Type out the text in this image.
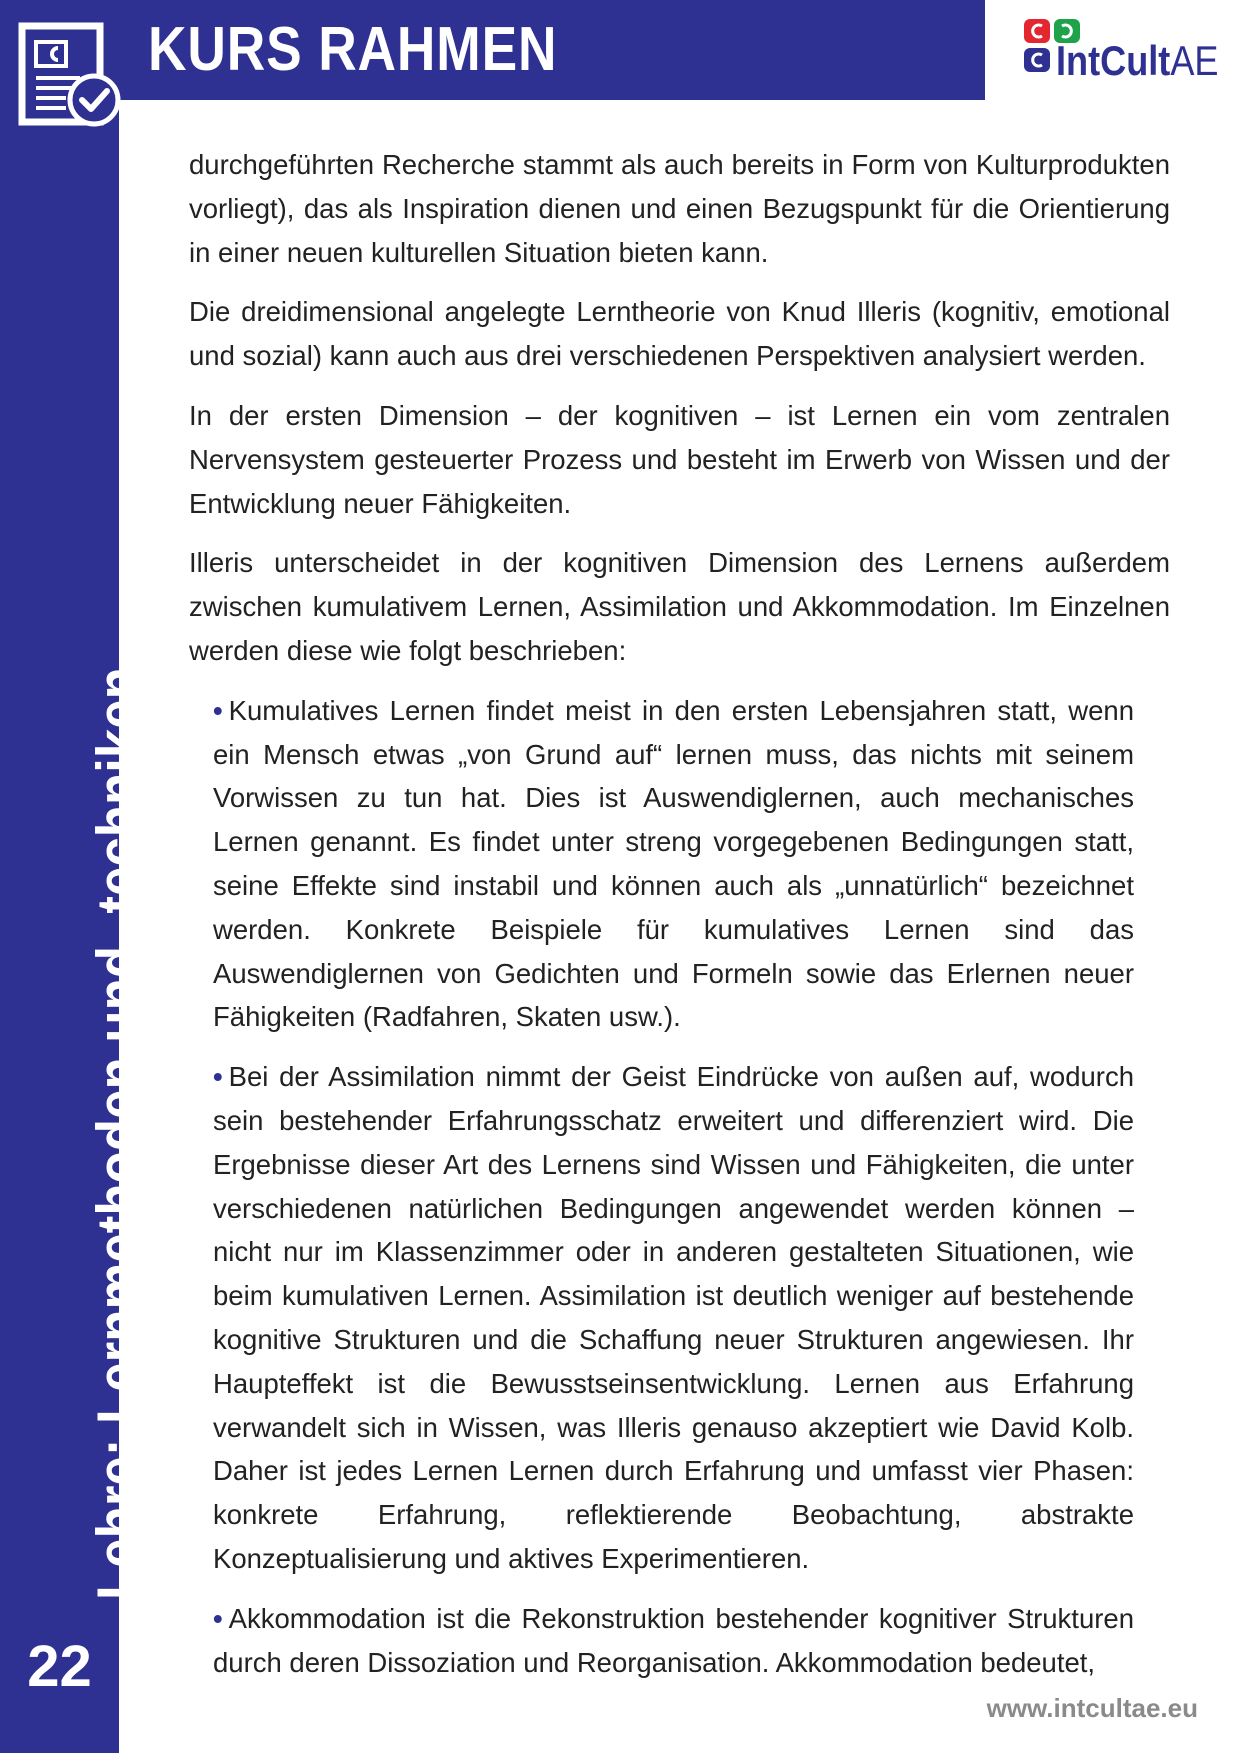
KURS RAHMEN	IntCultAE
Lehre: Lernmethoden und -techniken
22

durchgeführten Recherche stammt als auch bereits in Form von Kulturprodukten vorliegt), das als Inspiration dienen und einen Bezugspunkt für die Orientierung in einer neuen kulturellen Situation bieten kann.

Die dreidimensional angelegte Lerntheorie von Knud Illeris (kognitiv, emotional und sozial) kann auch aus drei verschiedenen Perspektiven analysiert werden.

In der ersten Dimension – der kognitiven – ist Lernen ein vom zentralen Nervensystem gesteuerter Prozess und besteht im Erwerb von Wissen und der Entwicklung neuer Fähigkeiten.

Illeris unterscheidet in der kognitiven Dimension des Lernens außerdem zwischen kumulativem Lernen, Assimilation und Akkommodation. Im Einzelnen werden diese wie folgt beschrieben:

• Kumulatives Lernen findet meist in den ersten Lebensjahren statt, wenn ein Mensch etwas „von Grund auf“ lernen muss, das nichts mit seinem Vorwissen zu tun hat. Dies ist Auswendiglernen, auch mechanisches Lernen genannt. Es findet unter streng vorgegebenen Bedingungen statt, seine Effekte sind instabil und können auch als „unnatürlich“ bezeichnet werden. Konkrete Beispiele für kumulatives Lernen sind das Auswendiglernen von Gedichten und Formeln sowie das Erlernen neuer Fähigkeiten (Radfahren, Skaten usw.).
• Bei der Assimilation nimmt der Geist Eindrücke von außen auf, wodurch sein bestehender Erfahrungsschatz erweitert und differenziert wird. Die Ergebnisse dieser Art des Lernens sind Wissen und Fähigkeiten, die unter verschiedenen natürlichen Bedingungen angewendet werden können – nicht nur im Klassenzimmer oder in anderen gestalteten Situationen, wie beim kumulativen Lernen. Assimilation ist deutlich weniger auf bestehende kognitive Strukturen und die Schaffung neuer Strukturen angewiesen. Ihr Haupteffekt ist die Bewusstseinsentwicklung. Lernen aus Erfahrung verwandelt sich in Wissen, was Illeris genauso akzeptiert wie David Kolb. Daher ist jedes Lernen Lernen durch Erfahrung und umfasst vier Phasen: konkrete Erfahrung, reflektierende Beobachtung, abstrakte Konzeptualisierung und aktives Experimentieren.
• Akkommodation ist die Rekonstruktion bestehender kognitiver Strukturen durch deren Dissoziation und Reorganisation. Akkommodation bedeutet,
www.intcultae.eu
